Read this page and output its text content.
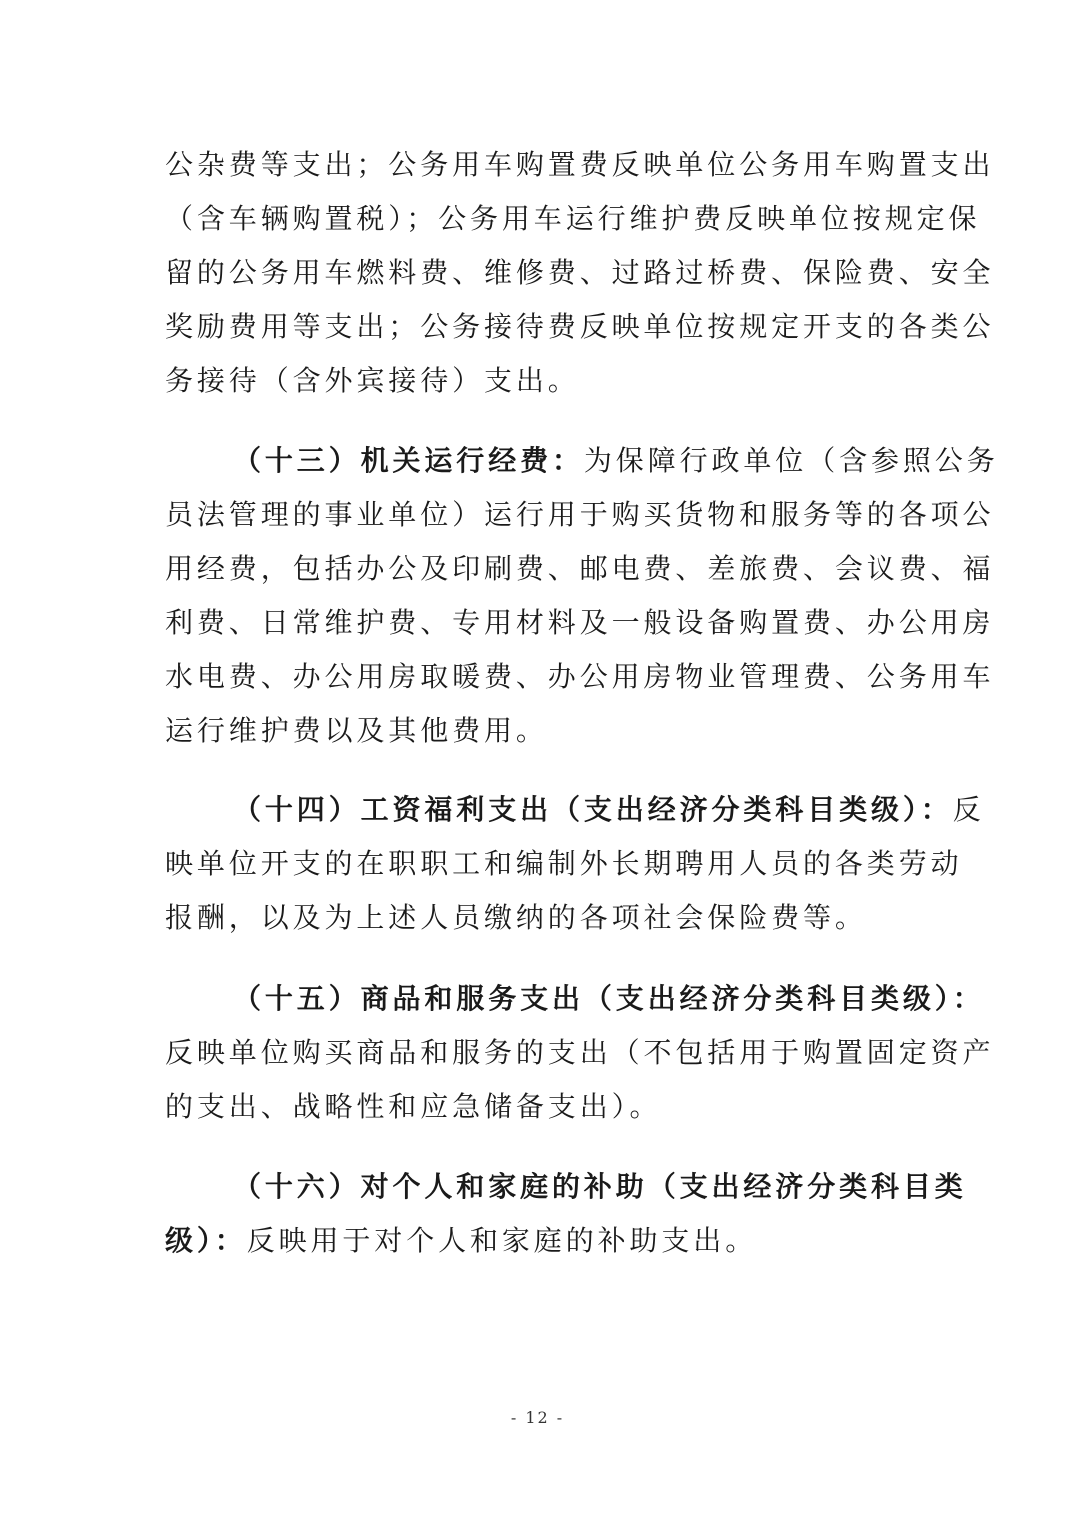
公杂费等支出；公务用车购置费反映单位公务用车购置支出
（含车辆购置税）；公务用车运行维护费反映单位按规定保
留的公务用车燃料费、维修费、过路过桥费、保险费、安全
奖励费用等支出；公务接待费反映单位按规定开支的各类公
务接待（含外宾接待）支出。
（十三）机关运行经费：为保障行政单位（含参照公务
员法管理的事业单位）运行用于购买货物和服务等的各项公
用经费，包括办公及印刷费、邮电费、差旅费、会议费、福
利费、日常维护费、专用材料及一般设备购置费、办公用房
水电费、办公用房取暖费、办公用房物业管理费、公务用车
运行维护费以及其他费用。
（十四）工资福利支出（支出经济分类科目类级）：反
映单位开支的在职职工和编制外长期聘用人员的各类劳动
报酬，以及为上述人员缴纳的各项社会保险费等。
（十五）商品和服务支出（支出经济分类科目类级）：
反映单位购买商品和服务的支出（不包括用于购置固定资产
的支出、战略性和应急储备支出）。
（十六）对个人和家庭的补助（支出经济分类科目类
级）：反映用于对个人和家庭的补助支出。
- 12 -
